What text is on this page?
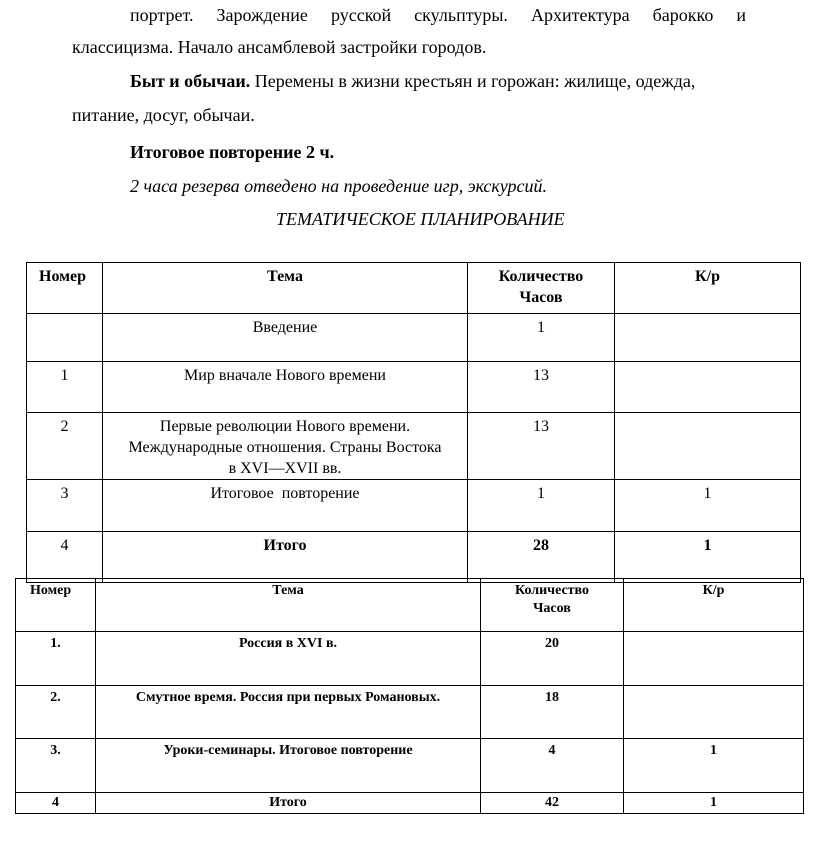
портрет. Зарождение русской скульптуры. Архитектура барокко и
классицизма. Начало ансамблевой застройки городов.
Быт и обычаи. Перемены в жизни крестьян и горожан: жилище, одежда,
питание, досуг, обычаи.
Итоговое повторение 2 ч.
2 часа резерва отведено на проведение игр, экскурсий.
ТЕМАТИЧЕСКОЕ ПЛАНИРОВАНИЕ
Номер	Тема	Количество
Часов	К/р
	Введение	1	
1	Мир вначале Нового времени	13	
2	Первые революции Нового времени.
Международные отношения. Страны Востока
в XVI—XVII вв.	13	
3	Итоговое  повторение	1	1
4	Итого	28	1
Номер	Тема	Количество
Часов	К/р
1.	Россия в XVI в.	20	
2.	Смутное время. Россия при первых Романовых.	18	
3.	Уроки-семинары. Итоговое повторение	4	1
4	Итого	42	1
